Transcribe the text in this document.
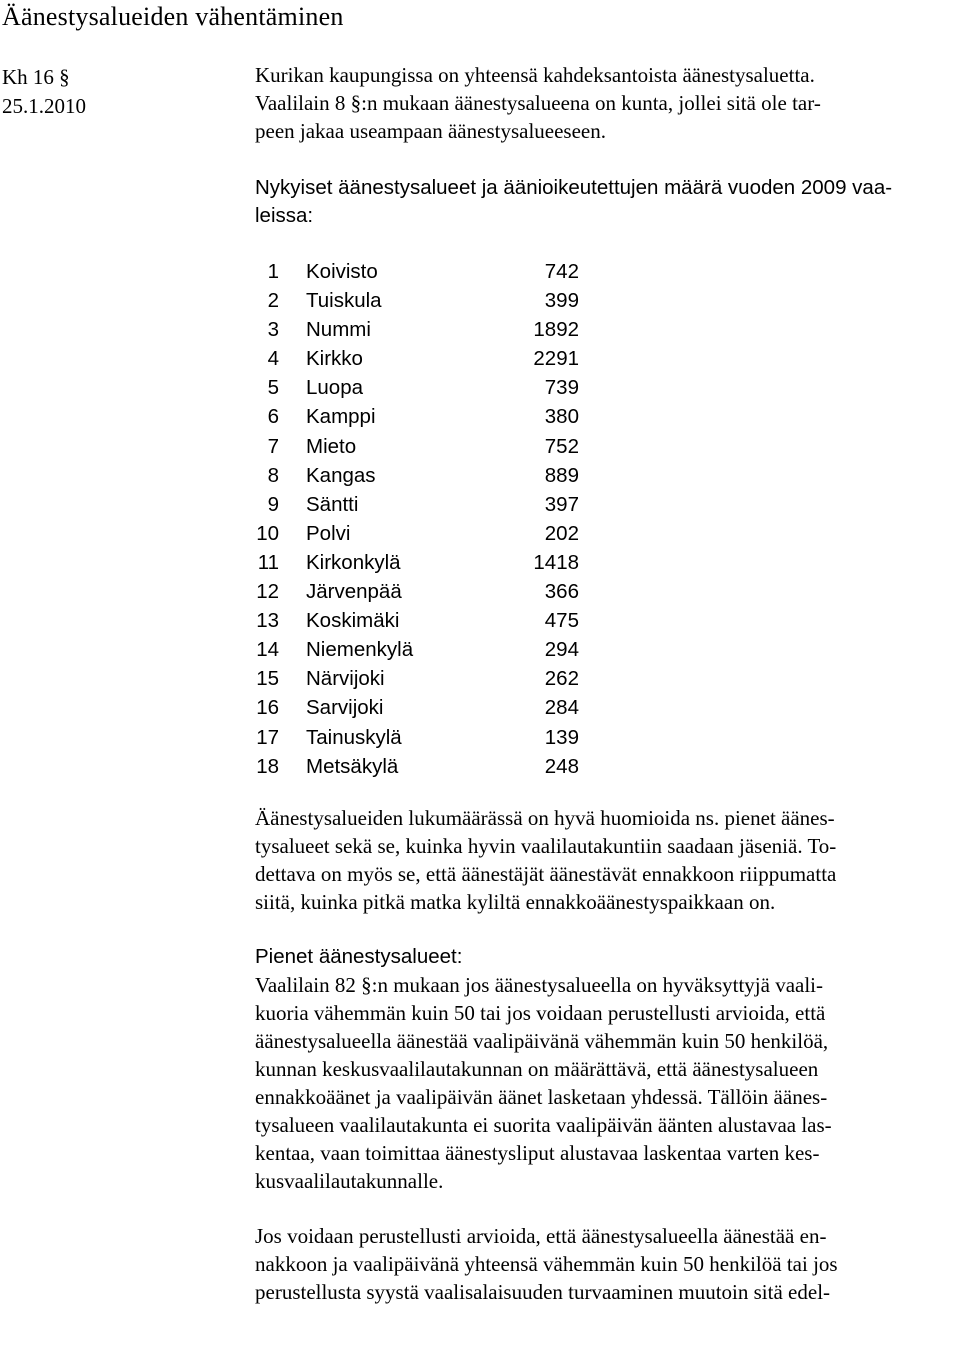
Äänestysalueiden vähentäminen
Kh 16 §
25.1.2010

Kurikan kaupungissa on yhteensä kahdeksantoista äänestysaluetta.

Vaalilain 8 §:n mukaan äänestysalueena on kunta, jollei sitä ole tar-

peen jakaa useampaan äänestysalueeseen.

Nykyiset äänestysalueet ja äänioikeutettujen määrä vuoden 2009 vaa-

leissa:

1 Koivisto	742
2 Tuiskula	399
3 Nummi	1892
4 Kirkko	2291
5 Luopa	739
6 Kamppi	380
7 Mieto	752
8 Kangas	889
9 Säntti	397
10 Polvi	202
11 Kirkonkylä	1418
12 Järvenpää	366
13 Koskimäki	475
14 Niemenkylä	294
15 Närvijoki	262
16 Sarvijoki	284
17 Tainuskylä	139
18 Metsäkylä	248

Äänestysalueiden lukumäärässä on hyvä huomioida ns. pienet äänes-

tysalueet sekä se, kuinka hyvin vaalilautakuntiin saadaan jäseniä. To-

dettava on myös se, että äänestäjät äänestävät ennakkoon riippumatta

siitä, kuinka pitkä matka kyliltä ennakkoäänestyspaikkaan on.

Pienet äänestysalueet:

Vaalilain 82 §:n mukaan jos äänestysalueella on hyväksyttyjä vaali-

kuoria vähemmän kuin 50 tai jos voidaan perustellusti arvioida, että

äänestysalueella äänestää vaalipäivänä vähemmän kuin 50 henkilöä,

kunnan keskusvaalilautakunnan on määrättävä, että äänestysalueen

ennakkoäänet ja vaalipäivän äänet lasketaan yhdessä. Tällöin äänes-

tysalueen vaalilautakunta ei suorita vaalipäivän äänten alustavaa las-

kentaa, vaan toimittaa äänestysliput alustavaa laskentaa varten kes-

kusvaalilautakunnalle.

Jos voidaan perustellusti arvioida, että äänestysalueella äänestää en-

nakkoon ja vaalipäivänä yhteensä vähemmän kuin 50 henkilöä tai jos

perustellusta syystä vaalisalaisuuden turvaaminen muutoin sitä edel-
